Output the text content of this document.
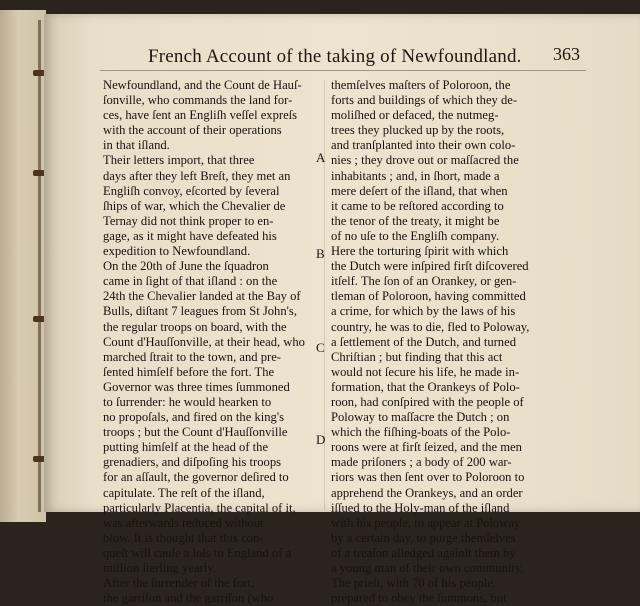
French Account of the taking of Newfoundland. 363
Newfoundland, and the Count de Hauſ-
ſonville, who commands the land for-
ces, have ſent an Engliſh veſſel expreſs
with the account of their operations
in that iſland.
Their letters import, that three
days after they left Breſt, they met an
Engliſh convoy, eſcorted by ſeveral
ſhips of war, which the Chevalier de
Ternay did not think proper to en-
gage, as it might have defeated his
expedition to Newfoundland.
On the 20th of June the ſquadron
came in ſight of that iſland : on the
24th the Chevalier landed at the Bay of
Bulls, diſtant 7 leagues from St John's,
the regular troops on board, with the
Count d'Hauſſonville, at their head, who
marched ſtrait to the town, and pre-
ſented himſelf before the fort. The
Governor was three times ſummoned
to ſurrender: he would hearken to
no propoſals, and fired on the king's
troops ; but the Count d'Hauſſonville
putting himſelf at the head of the
grenadiers, and diſpoſing his troops
for an aſſault, the governor deſired to
capitulate. The reſt of the iſland,
particularly Placentia, the capital of it,
was afterwards reduced without
blow. It is thought that this con-
queſt will cauſe a loſs to England of a
million ſterling yearly.
After the ſurrender of the fort,
the garriſon and the garriſon (who
themſelves maſters of Poloroon, the
forts and buildings of which they de-
moliſhed or defaced, the nutmeg-
trees they plucked up by the roots,
and tranſplanted into their own colo-
nies ; they drove out or maſſacred the
inhabitants ; and, in ſhort, made a
mere deſert of the iſland, that when
it came to be reſtored according to
the tenor of the treaty, it might be
of no uſe to the Engliſh company.
Here the torturing ſpirit with which
the Dutch were inſpired firſt diſcovered
itſelf. The ſon of an Orankey, or gen-
tleman of Poloroon, having committed
a crime, for which by the laws of his
country, he was to die, fled to Poloway,
a ſettlement of the Dutch, and turned
Chriſtian ; but finding that this act
would not ſecure his life, he made in-
formation, that the Orankeys of Polo-
roon, had conſpired with the people of
Poloway to maſſacre the Dutch ; on
which the fiſhing-boats of the Polo-
roons were at firſt ſeized, and the men
made priſoners ; a body of 200 war-
riors was then ſent over to Poloroon to
apprehend the Orankeys, and an order
iſſued to the Holy-man of the iſland
with his people, to appear at Poloway
by a certain day, to purge themſelves
of a treaſon alledged againſt them by
a young man of their own community.
The prieſt, with 70 of his people,
prepared to obey the ſummons, but
A
B
C
D
